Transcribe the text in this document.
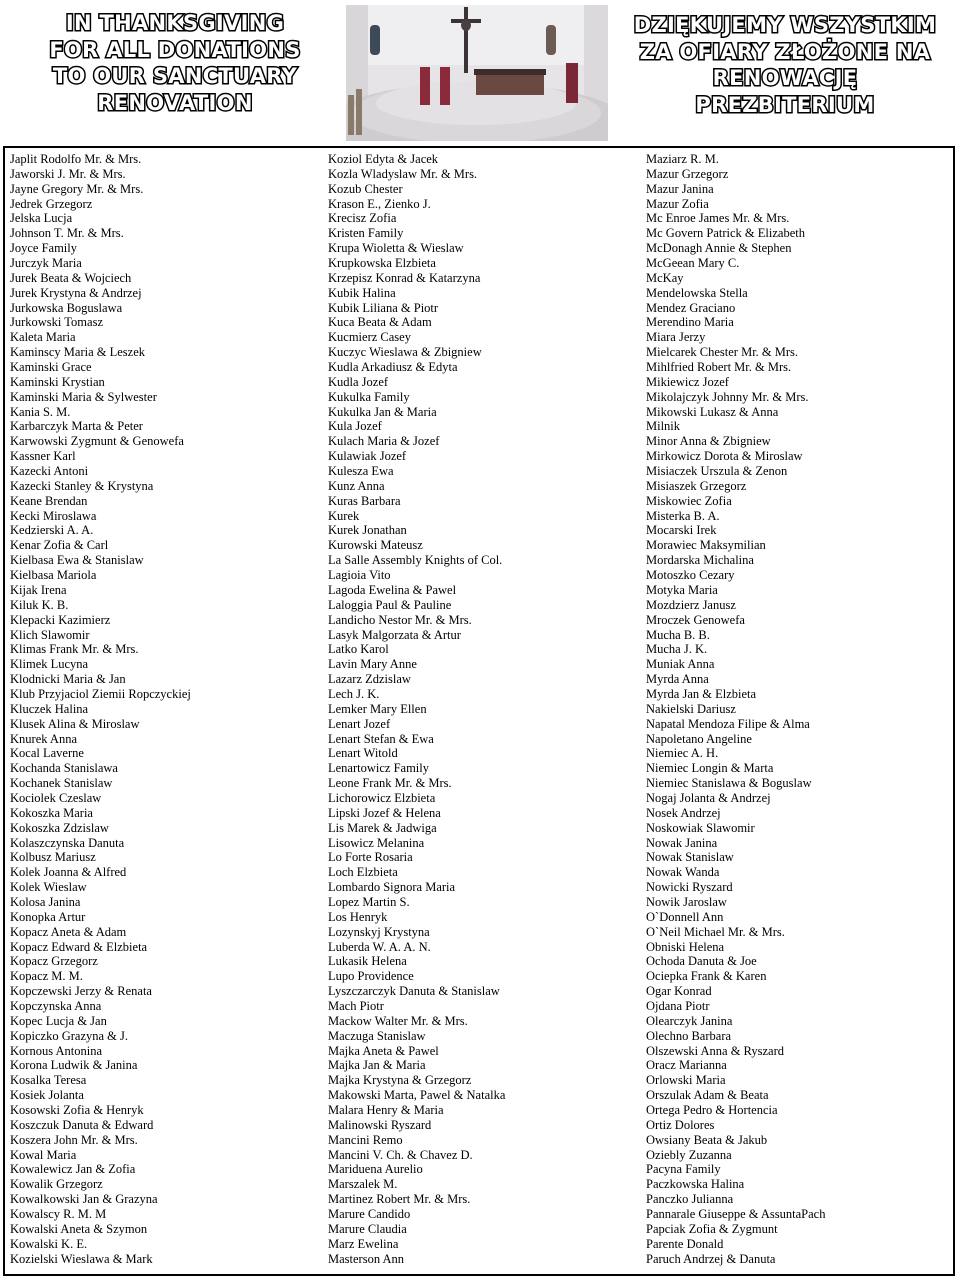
IN THANKSGIVING
FOR ALL DONATIONS
TO OUR SANCTUARY
RENOVATION
DZIĘKUJEMY WSZYSTKIM
ZA OFIARY ZŁOŻONE NA
RENOWACJĘ
PREZBITERIUM
Japlit Rodolfo Mr. & Mrs.
Jaworski J. Mr. & Mrs.
Jayne Gregory Mr. & Mrs.
Jedrek Grzegorz
Jelska Lucja
Johnson T. Mr. & Mrs.
Joyce Family
Jurczyk Maria
Jurek Beata & Wojciech
Jurek Krystyna & Andrzej
Jurkowska Boguslawa
Jurkowski Tomasz
Kaleta Maria
Kaminscy Maria & Leszek
Kaminski Grace
Kaminski Krystian
Kaminski Maria & Sylwester
Kania S. M.
Karbarczyk Marta & Peter
Karwowski Zygmunt & Genowefa
Kassner Karl
Kazecki Antoni
Kazecki Stanley & Krystyna
Keane Brendan
Kecki Miroslawa
Kedzierski A. A.
Kenar Zofia & Carl
Kielbasa Ewa & Stanislaw
Kielbasa Mariola
Kijak Irena
Kiluk K. B.
Klepacki Kazimierz
Klich Slawomir
Klimas Frank Mr. & Mrs.
Klimek Lucyna
Klodnicki Maria & Jan
Klub Przyjaciol Ziemii Ropczyckiej
Kluczek Halina
Klusek Alina & Miroslaw
Knurek Anna
Kocal Laverne
Kochanda Stanislawa
Kochanek Stanislaw
Kociolek Czeslaw
Kokoszka Maria
Kokoszka Zdzislaw
Kolaszczynska Danuta
Kolbusz Mariusz
Kolek Joanna & Alfred
Kolek Wieslaw
Kolosa Janina
Konopka Artur
Kopacz Aneta & Adam
Kopacz Edward & Elzbieta
Kopacz Grzegorz
Kopacz M. M.
Kopczewski Jerzy & Renata
Kopczynska Anna
Kopec Lucja & Jan
Kopiczko Grazyna & J.
Kornous Antonina
Korona Ludwik & Janina
Kosalka Teresa
Kosiek Jolanta
Kosowski Zofia & Henryk
Koszczuk Danuta & Edward
Koszera John Mr. & Mrs.
Kowal Maria
Kowalewicz Jan & Zofia
Kowalik Grzegorz
Kowalkowski Jan & Grazyna
Kowalscy R. M. M
Kowalski Aneta & Szymon
Kowalski K. E.
Kozielski Wieslawa & Mark
Koziol Edyta & Jacek
Kozla Wladyslaw Mr. & Mrs.
Kozub Chester
Krason E., Zienko J.
Krecisz Zofia
Kristen Family
Krupa Wioletta & Wieslaw
Krupkowska Elzbieta
Krzepisz Konrad & Katarzyna
Kubik Halina
Kubik Liliana & Piotr
Kuca Beata & Adam
Kucmierz Casey
Kuczyc Wieslawa & Zbigniew
Kudla Arkadiusz & Edyta
Kudla Jozef
Kukulka Family
Kukulka Jan & Maria
Kula Jozef
Kulach Maria & Jozef
Kulawiak Jozef
Kulesza Ewa
Kunz Anna
Kuras Barbara
Kurek
Kurek Jonathan
Kurowski Mateusz
La Salle Assembly Knights of Col.
Lagioia Vito
Lagoda Ewelina & Pawel
Laloggia Paul & Pauline
Landicho Nestor Mr. & Mrs.
Lasyk Malgorzata & Artur
Latko Karol
Lavin Mary Anne
Lazarz Zdzislaw
Lech J. K.
Lemker Mary Ellen
Lenart Jozef
Lenart Stefan & Ewa
Lenart Witold
Lenartowicz Family
Leone Frank Mr. & Mrs.
Lichorowicz Elzbieta
Lipski Jozef & Helena
Lis Marek & Jadwiga
Lisowicz Melanina
Lo Forte Rosaria
Loch Elzbieta
Lombardo Signora Maria
Lopez Martin S.
Los Henryk
Lozynskyj Krystyna
Luberda W. A. A. N.
Lukasik Helena
Lupo Providence
Lyszczarczyk Danuta & Stanislaw
Mach Piotr
Mackow Walter Mr. & Mrs.
Maczuga Stanislaw
Majka Aneta & Pawel
Majka Jan & Maria
Majka Krystyna & Grzegorz
Makowski Marta, Pawel & Natalka
Malara Henry & Maria
Malinowski Ryszard
Mancini Remo
Mancini V. Ch. & Chavez D.
Mariduena Aurelio
Marszalek M.
Martinez Robert Mr. & Mrs.
Marure Candido
Marure Claudia
Marz Ewelina
Masterson Ann
Maziarz R. M.
Mazur Grzegorz
Mazur Janina
Mazur Zofia
Mc Enroe James Mr. & Mrs.
Mc Govern Patrick & Elizabeth
McDonagh Annie & Stephen
McGeean Mary C.
McKay
Mendelowska Stella
Mendez Graciano
Merendino Maria
Miara Jerzy
Mielcarek Chester Mr. & Mrs.
Mihlfried Robert Mr. & Mrs.
Mikiewicz Jozef
Mikolajczyk Johnny Mr. & Mrs.
Mikowski Lukasz & Anna
Milnik
Minor Anna & Zbigniew
Mirkowicz Dorota & Miroslaw
Misiaczek Urszula & Zenon
Misiaszek Grzegorz
Miskowiec Zofia
Misterka B. A.
Mocarski Irek
Morawiec Maksymilian
Mordarska Michalina
Motoszko Cezary
Motyka Maria
Mozdzierz Janusz
Mroczek Genowefa
Mucha B. B.
Mucha J. K.
Muniak Anna
Myrda Anna
Myrda Jan & Elzbieta
Nakielski Dariusz
Napatal Mendoza Filipe & Alma
Napoletano Angeline
Niemiec A. H.
Niemiec Longin & Marta
Niemiec Stanislawa & Boguslaw
Nogaj Jolanta & Andrzej
Nosek Andrzej
Noskowiak Slawomir
Nowak Janina
Nowak Stanislaw
Nowak Wanda
Nowicki Ryszard
Nowik Jaroslaw
O`Donnell Ann
O`Neil Michael Mr. & Mrs.
Obniski Helena
Ochoda Danuta & Joe
Ociepka Frank & Karen
Ogar Konrad
Ojdana Piotr
Olearczyk Janina
Olechno Barbara
Olszewski Anna & Ryszard
Oracz Marianna
Orlowski Maria
Orszulak Adam & Beata
Ortega Pedro & Hortencia
Ortiz Dolores
Owsiany Beata & Jakub
Oziebly Zuzanna
Pacyna Family
Paczkowska Halina
Panczko Julianna
Pannarale Giuseppe & AssuntaPach
Papciak Zofia & Zygmunt
Parente Donald
Paruch Andrzej & Danuta
